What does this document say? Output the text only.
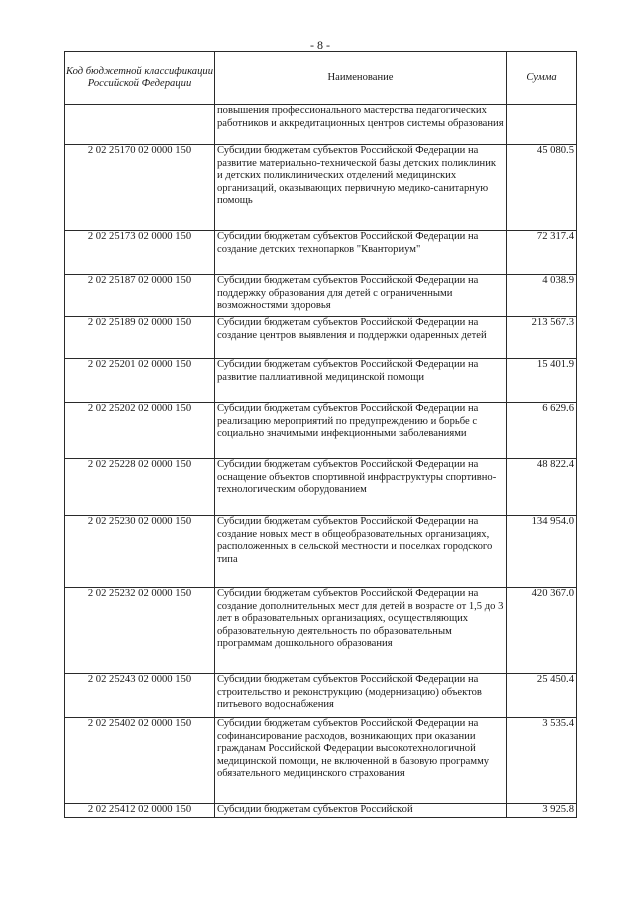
- 8 -
Код бюджетной классификации Российской Федерации	Наименование	Сумма
	повышения профессионального мастерства педагогических работников и аккредитационных центров системы образования	
2 02 25170 02 0000 150	Субсидии бюджетам субъектов Российской Федерации на развитие материально-технической базы детских поликлиник и детских поликлинических отделений медицинских организаций, оказывающих первичную медико-санитарную помощь	45 080.5
2 02 25173 02 0000 150	Субсидии бюджетам субъектов Российской Федерации на создание детских технопарков "Кванториум"	72 317.4
2 02 25187 02 0000 150	Субсидии бюджетам субъектов Российской Федерации на поддержку образования для детей с ограниченными возможностями здоровья	4 038.9
2 02 25189 02 0000 150	Субсидии бюджетам субъектов Российской Федерации на создание центров выявления и поддержки одаренных детей	213 567.3
2 02 25201 02 0000 150	Субсидии бюджетам субъектов Российской Федерации на развитие паллиативной медицинской помощи	15 401.9
2 02 25202 02 0000 150	Субсидии бюджетам субъектов Российской Федерации на реализацию мероприятий по предупреждению и борьбе с социально значимыми инфекционными заболеваниями	6 629.6
2 02 25228 02 0000 150	Субсидии бюджетам субъектов Российской Федерации на оснащение объектов спортивной инфраструктуры спортивно-технологическим оборудованием	48 822.4
2 02 25230 02 0000 150	Субсидии бюджетам субъектов Российской Федерации на создание новых мест в общеобразовательных организациях, расположенных в сельской местности и поселках городского типа	134 954.0
2 02 25232 02 0000 150	Субсидии бюджетам субъектов Российской Федерации на создание дополнительных мест для детей в возрасте от 1,5 до 3 лет в образовательных организациях, осуществляющих образовательную деятельность по образовательным программам дошкольного образования	420 367.0
2 02 25243 02 0000 150	Субсидии бюджетам субъектов Российской Федерации на строительство и реконструкцию (модернизацию) объектов питьевого водоснабжения	25 450.4
2 02 25402 02 0000 150	Субсидии бюджетам субъектов Российской Федерации на софинансирование расходов, возникающих при оказании гражданам Российской Федерации высокотехнологичной медицинской помощи, не включенной в базовую программу обязательного медицинского страхования	3 535.4
2 02 25412 02 0000 150	Субсидии бюджетам субъектов Российской	3 925.8
